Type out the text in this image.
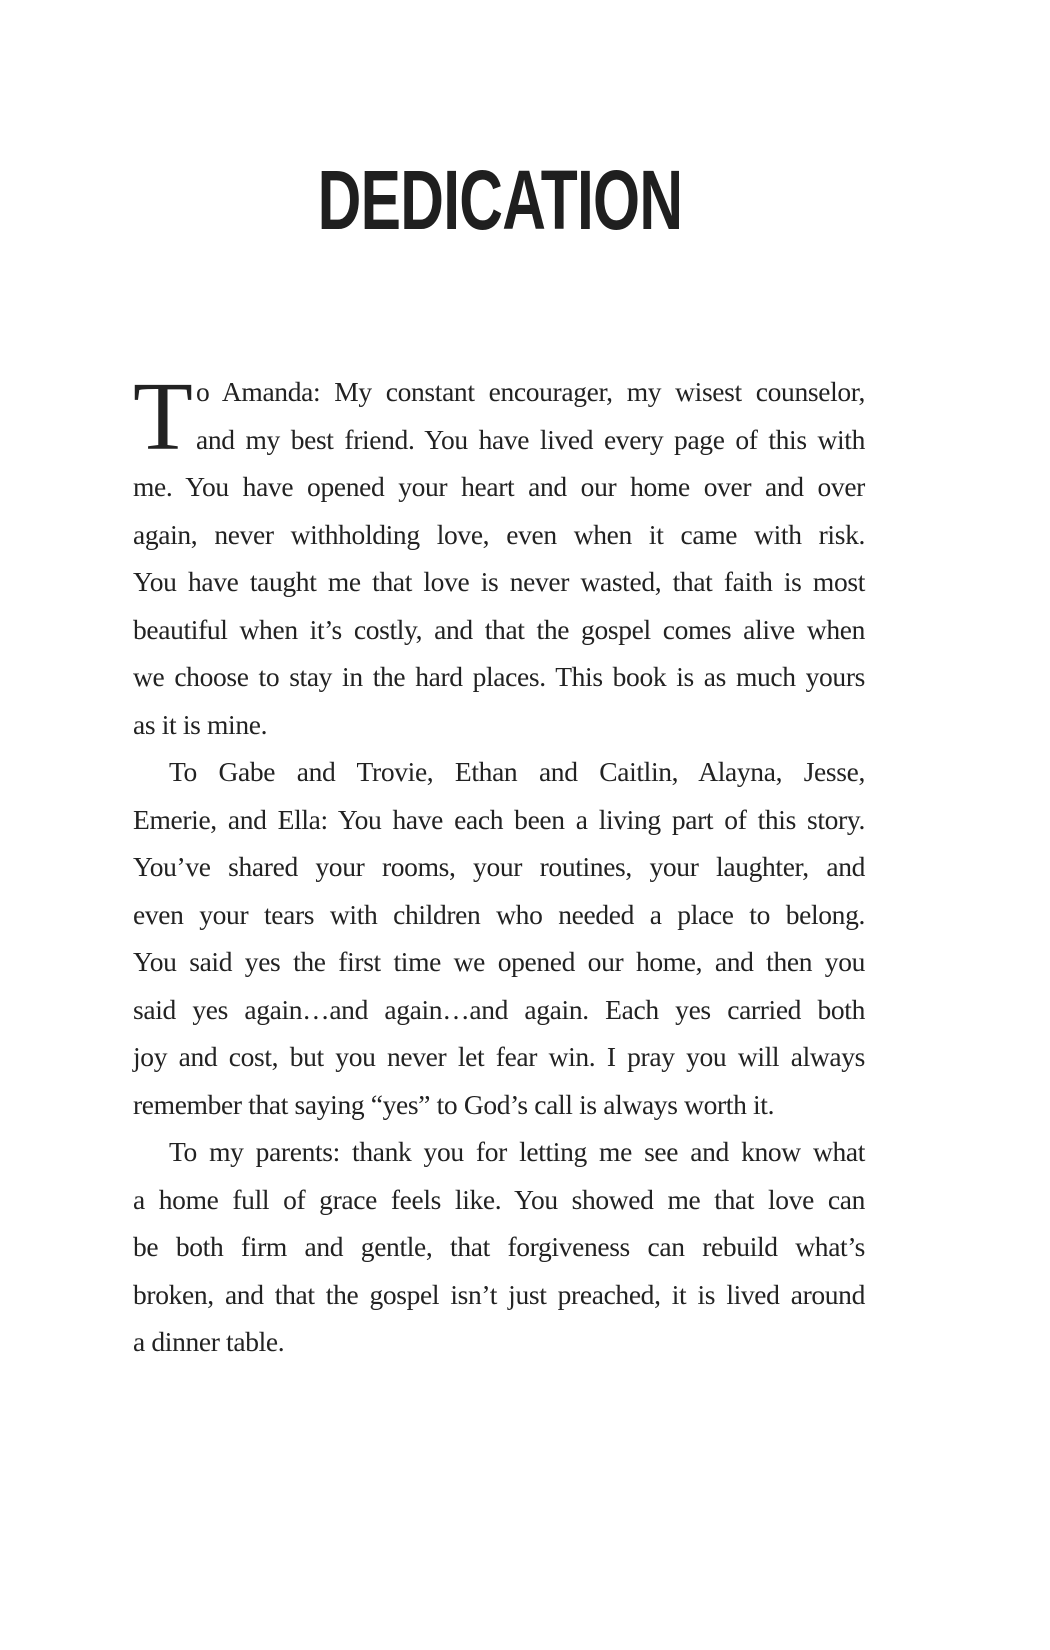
DEDICATION
T o Amanda: My constant encourager, my wisest counselor,
and my best friend. You have lived every page of this with
me. You have opened your heart and our home over and over
again, never withholding love, even when it came with risk.
You have taught me that love is never wasted, that faith is most
beautiful when it’s costly, and that the gospel comes alive when
we choose to stay in the hard places. This book is as much yours
as it is mine.
To Gabe and Trovie, Ethan and Caitlin, Alayna, Jesse,
Emerie, and Ella: You have each been a living part of this story.
You’ve shared your rooms, your routines, your laughter, and
even your tears with children who needed a place to belong.
You said yes the first time we opened our home, and then you
said yes again…and again…and again. Each yes carried both
joy and cost, but you never let fear win. I pray you will always
remember that saying “yes” to God’s call is always worth it.
To my parents: thank you for letting me see and know what
a home full of grace feels like. You showed me that love can
be both firm and gentle, that forgiveness can rebuild what’s
broken, and that the gospel isn’t just preached, it is lived around
a dinner table.
